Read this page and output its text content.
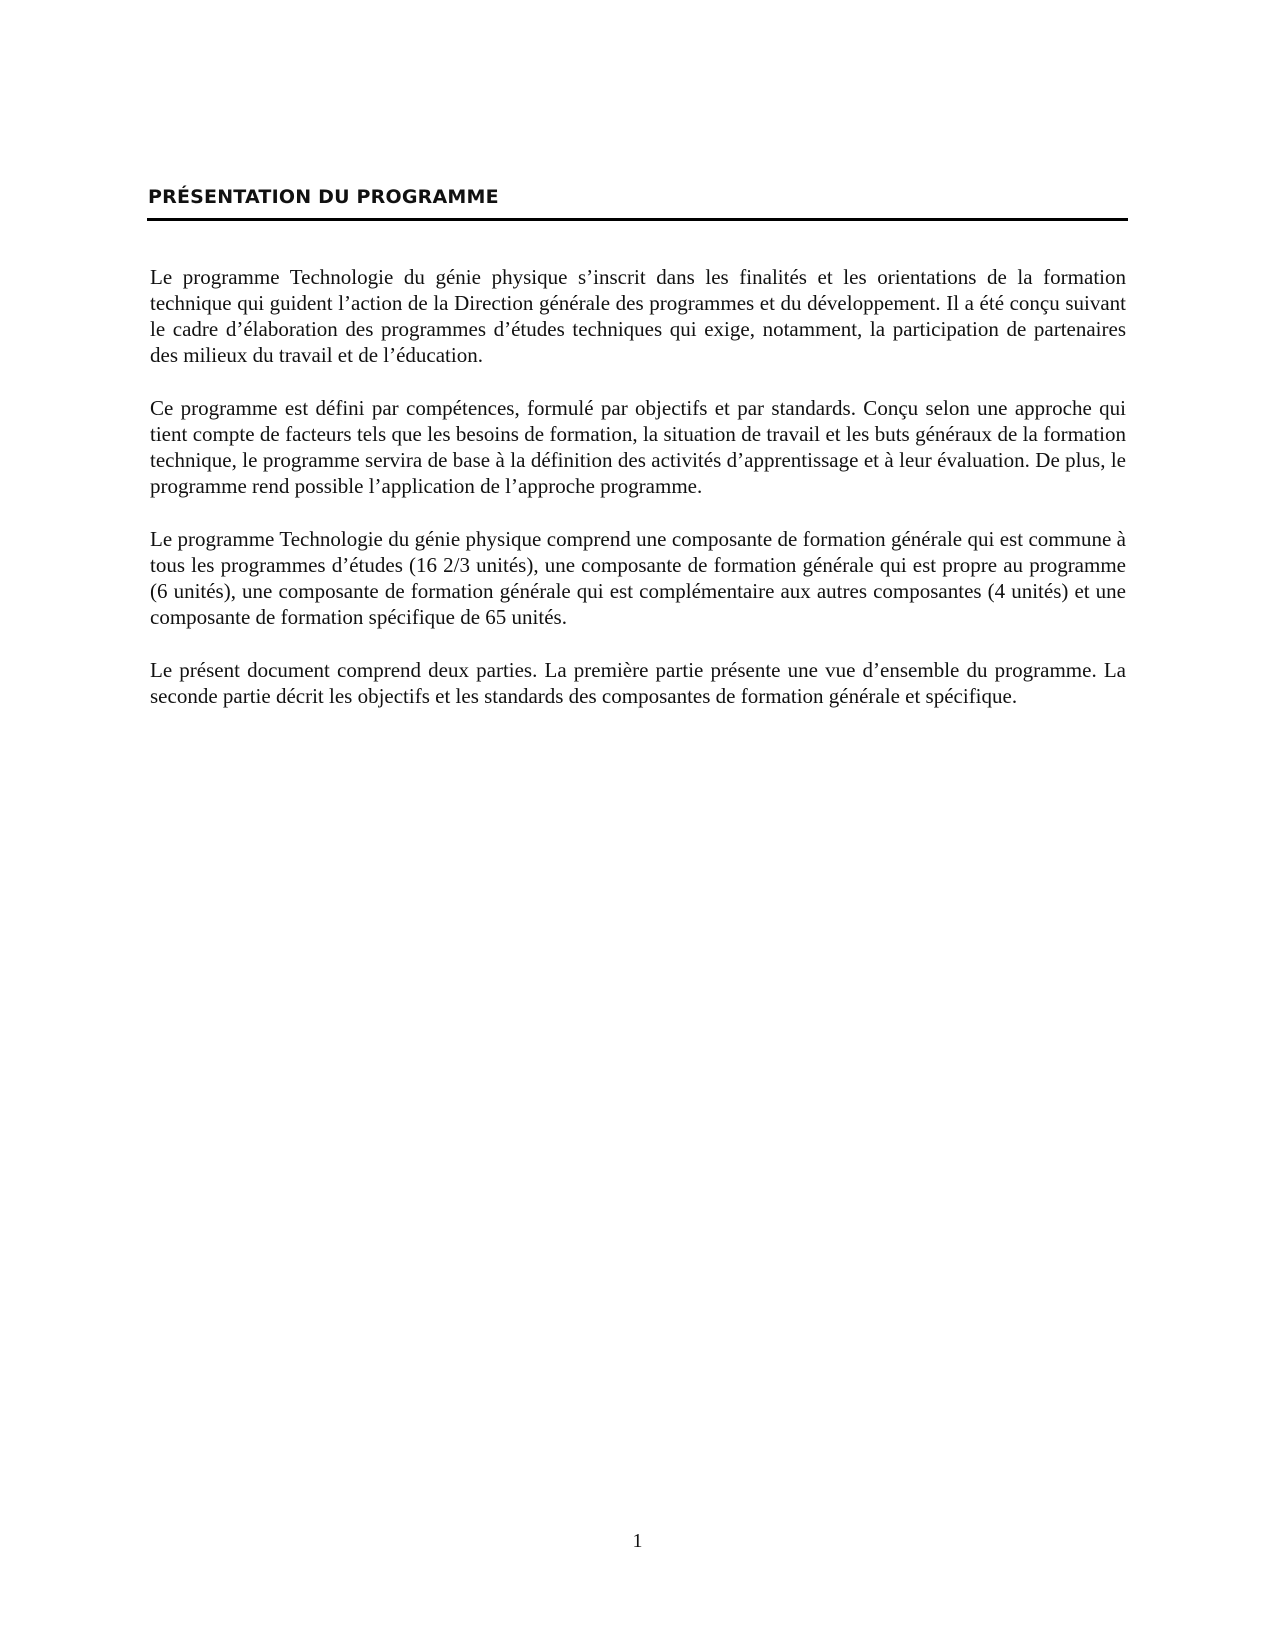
PRÉSENTATION DU PROGRAMME

Le programme Technologie du génie physique s’inscrit dans les finalités et les orientations de la formation technique qui guident l’action de la Direction générale des programmes et du développement. Il a été conçu suivant le cadre d’élaboration des programmes d’études techniques qui exige, notamment, la participation de partenaires des milieux du travail et de l’éducation.

Ce programme est défini par compétences, formulé par objectifs et par standards. Conçu selon une approche qui tient compte de facteurs tels que les besoins de formation, la situation de travail et les buts généraux de la formation technique, le programme servira de base à la définition des activités d’apprentissage et à leur évaluation. De plus, le programme rend possible l’application de l’approche programme.

Le programme Technologie du génie physique comprend une composante de formation générale qui est commune à tous les programmes d’études (16 2/3 unités), une composante de formation générale qui est propre au programme (6 unités), une composante de formation générale qui est complémentaire aux autres composantes (4 unités) et une composante de formation spécifique de 65 unités.

Le présent document comprend deux parties. La première partie présente une vue d’ensemble du programme. La seconde partie décrit les objectifs et les standards des composantes de formation générale et spécifique.

1
